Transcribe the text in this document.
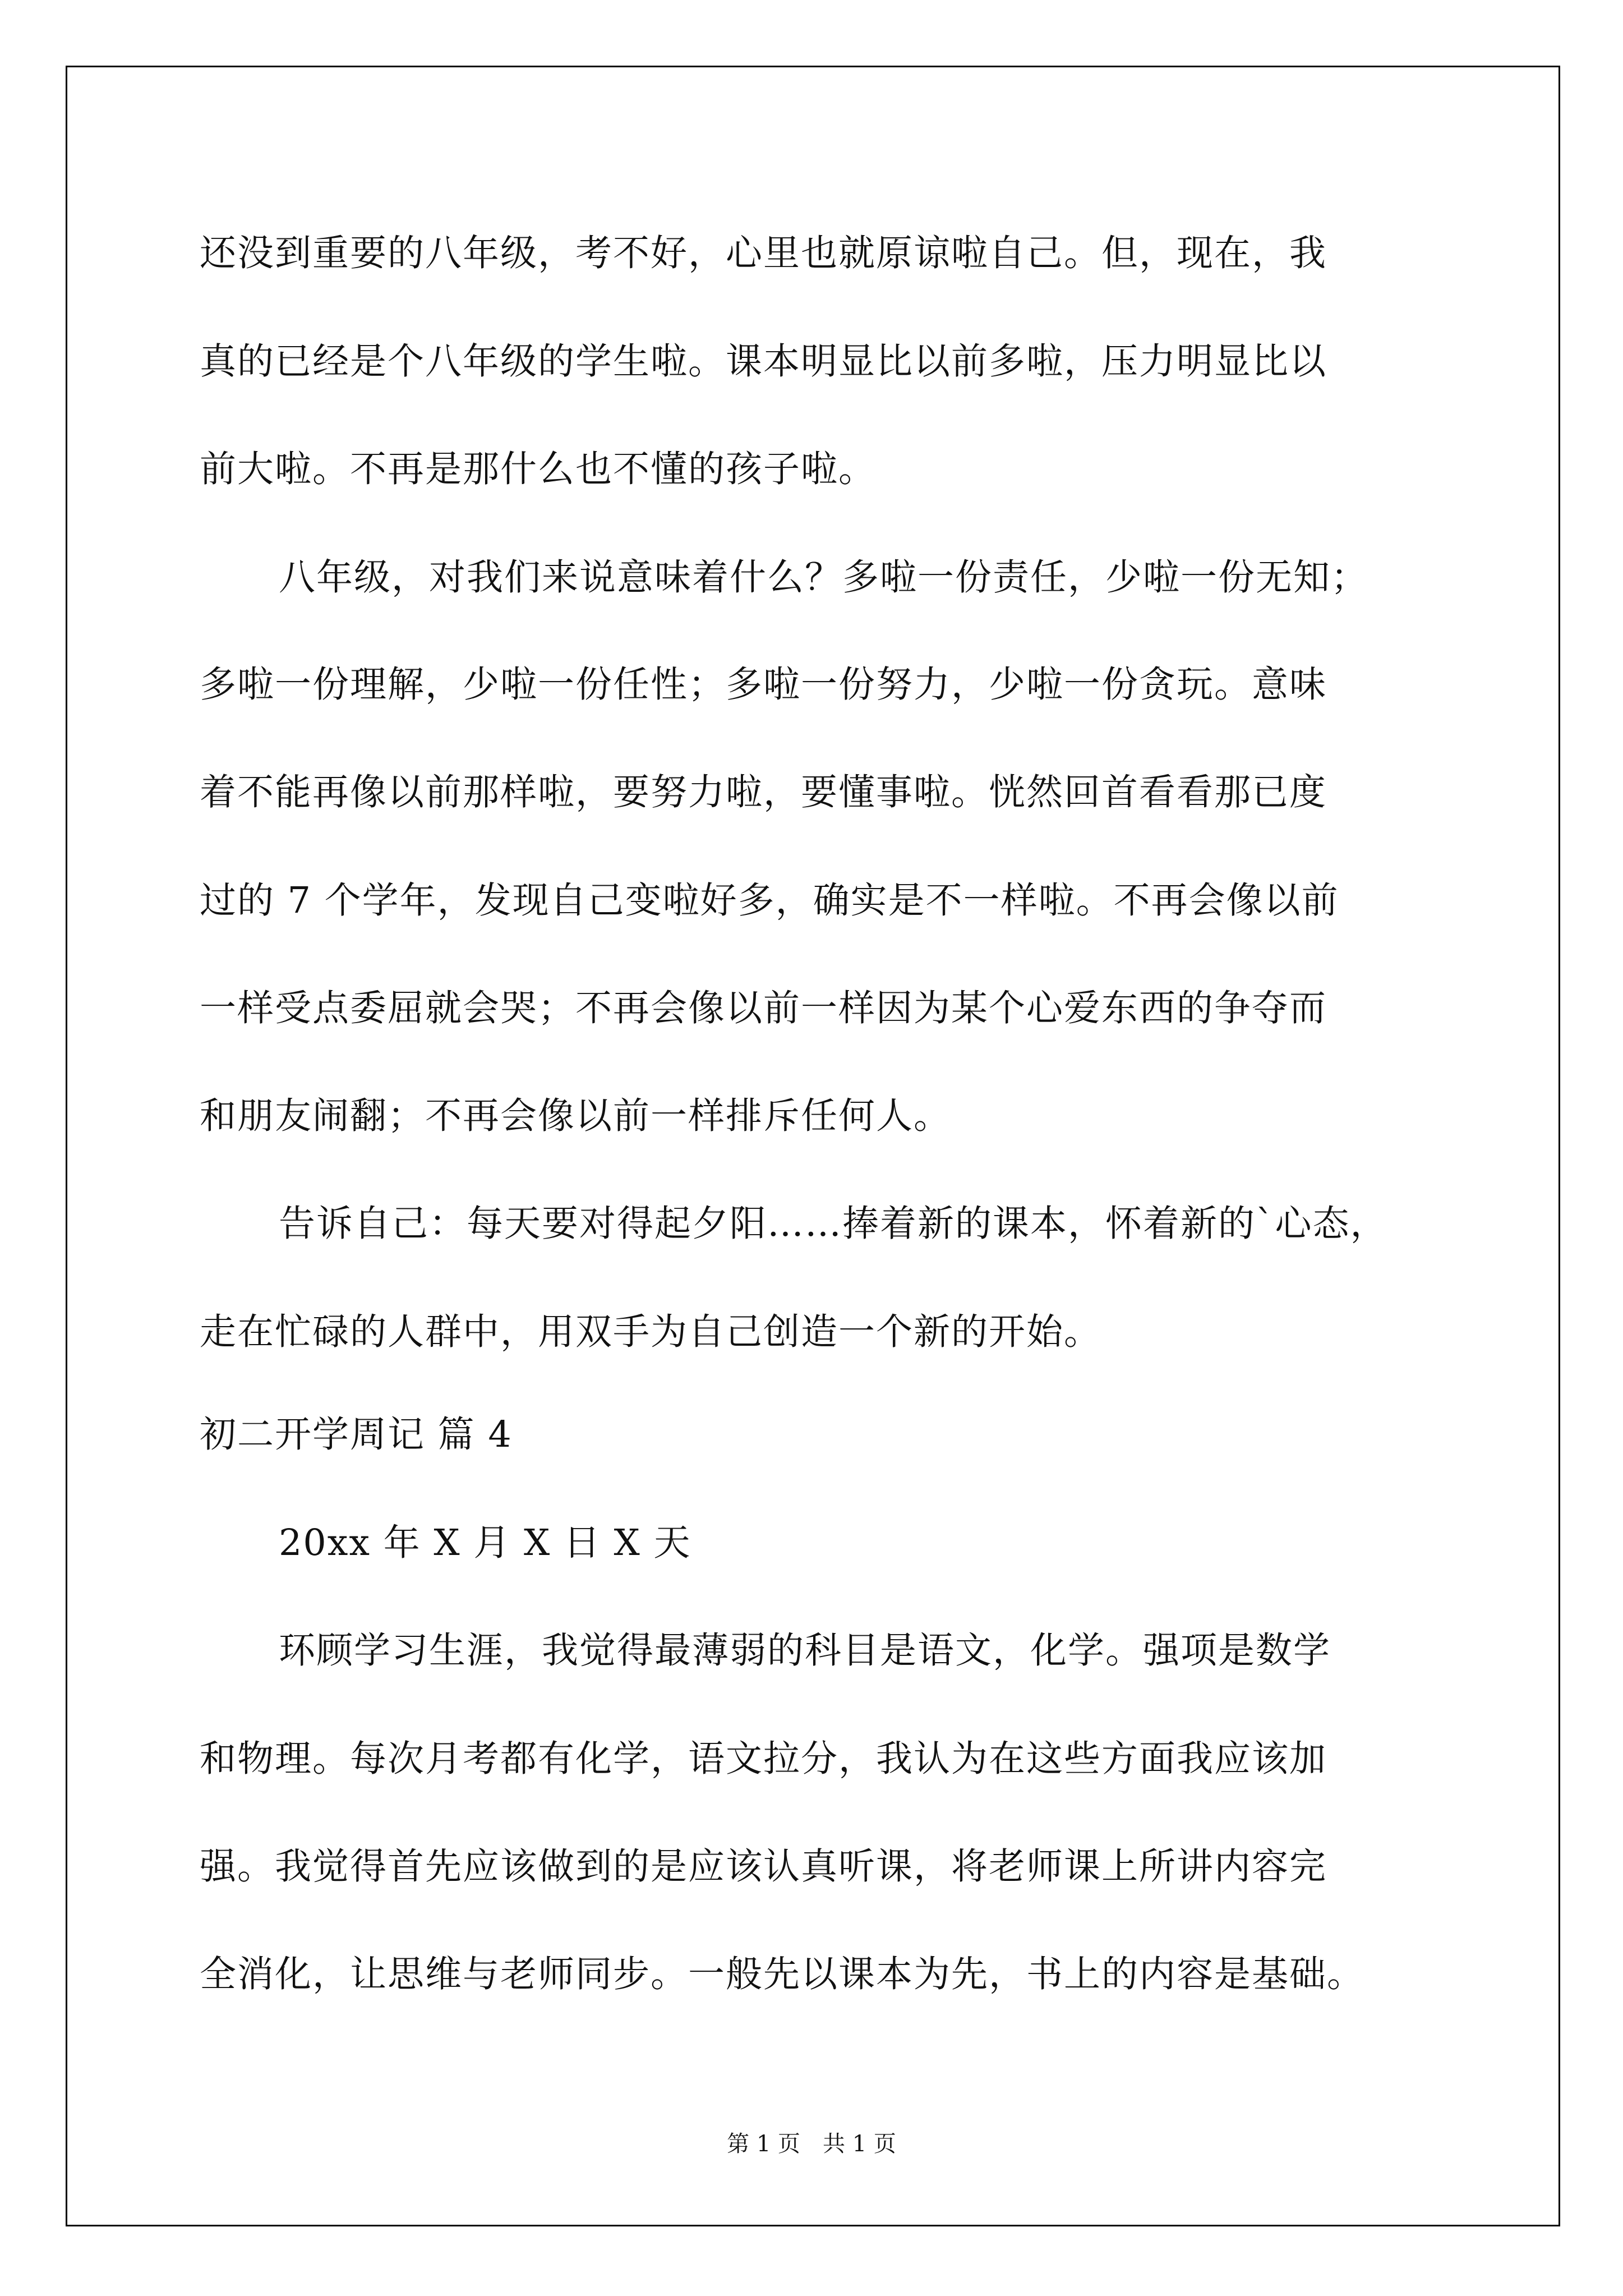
还没到重要的八年级，考不好，心里也就原谅啦自己。但，现在，我
真的已经是个八年级的学生啦。课本明显比以前多啦，压力明显比以
前大啦。不再是那什么也不懂的孩子啦。
八年级，对我们来说意味着什么？多啦一份责任，少啦一份无知；
多啦一份理解，少啦一份任性；多啦一份努力，少啦一份贪玩。意味
着不能再像以前那样啦，要努力啦，要懂事啦。恍然回首看看那已度
过的 7 个学年，发现自己变啦好多，确实是不一样啦。不再会像以前
一样受点委屈就会哭；不再会像以前一样因为某个心爱东西的争夺而
和朋友闹翻；不再会像以前一样排斥任何人。
告诉自己：每天要对得起夕阳……捧着新的课本，怀着新的`心态，
走在忙碌的人群中，用双手为自己创造一个新的开始。
初二开学周记 篇 4
20xx 年 X 月 X 日 X 天
环顾学习生涯，我觉得最薄弱的科目是语文，化学。强项是数学
和物理。每次月考都有化学，语文拉分，我认为在这些方面我应该加
强。我觉得首先应该做到的是应该认真听课，将老师课上所讲内容完
全消化，让思维与老师同步。一般先以课本为先，书上的内容是基础。
第 1 页　共 1 页
